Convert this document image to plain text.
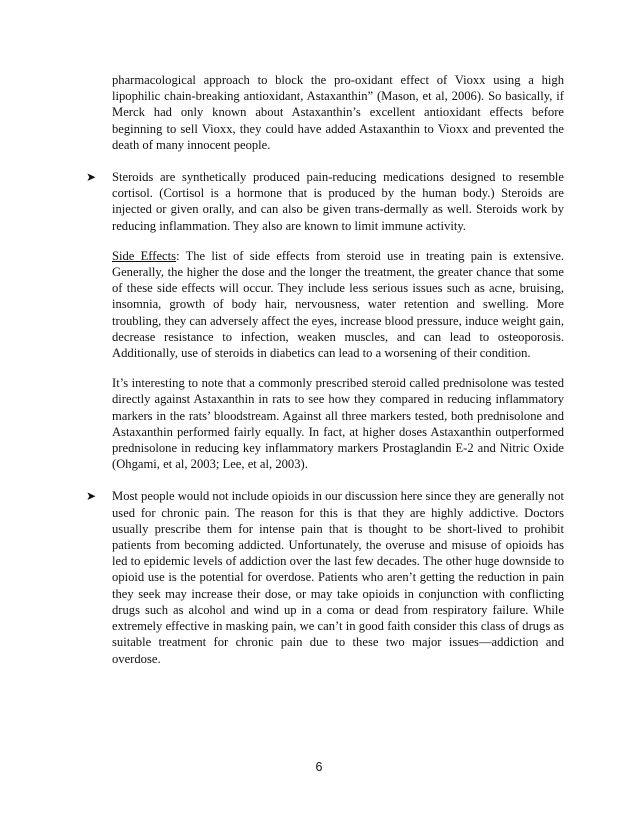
pharmacological approach to block the pro-oxidant effect of Vioxx using a high lipophilic chain-breaking antioxidant, Astaxanthin” (Mason, et al, 2006). So basically, if Merck had only known about Astaxanthin’s excellent antioxidant effects before beginning to sell Vioxx, they could have added Astaxanthin to Vioxx and prevented the death of many innocent people.

➤ Steroids are synthetically produced pain-reducing medications designed to resemble cortisol. (Cortisol is a hormone that is produced by the human body.) Steroids are injected or given orally, and can also be given trans-dermally as well. Steroids work by reducing inflammation. They also are known to limit immune activity.

Side Effects: The list of side effects from steroid use in treating pain is extensive. Generally, the higher the dose and the longer the treatment, the greater chance that some of these side effects will occur. They include less serious issues such as acne, bruising, insomnia, growth of body hair, nervousness, water retention and swelling. More troubling, they can adversely affect the eyes, increase blood pressure, induce weight gain, decrease resistance to infection, weaken muscles, and can lead to osteoporosis. Additionally, use of steroids in diabetics can lead to a worsening of their condition.

It’s interesting to note that a commonly prescribed steroid called prednisolone was tested directly against Astaxanthin in rats to see how they compared in reducing inflammatory markers in the rats’ bloodstream. Against all three markers tested, both prednisolone and Astaxanthin performed fairly equally. In fact, at higher doses Astaxanthin outperformed prednisolone in reducing key inflammatory markers Prostaglandin E-2 and Nitric Oxide (Ohgami, et al, 2003; Lee, et al, 2003).

➤ Most people would not include opioids in our discussion here since they are generally not used for chronic pain. The reason for this is that they are highly addictive. Doctors usually prescribe them for intense pain that is thought to be short-lived to prohibit patients from becoming addicted. Unfortunately, the overuse and misuse of opioids has led to epidemic levels of addiction over the last few decades. The other huge downside to opioid use is the potential for overdose. Patients who aren’t getting the reduction in pain they seek may increase their dose, or may take opioids in conjunction with conflicting drugs such as alcohol and wind up in a coma or dead from respiratory failure. While extremely effective in masking pain, we can’t in good faith consider this class of drugs as suitable treatment for chronic pain due to these two major issues—addiction and overdose.

6
